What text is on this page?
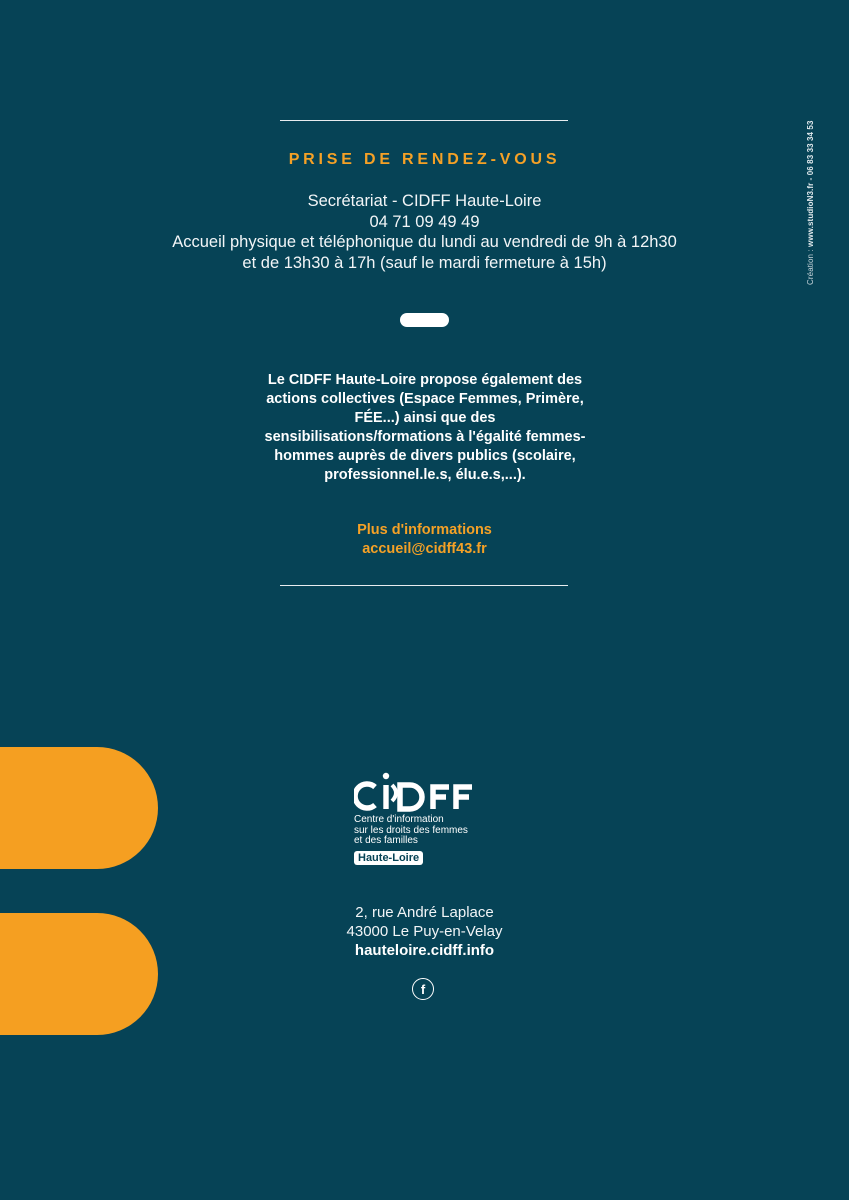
Création : www.studioN3.fr - 06 83 33 34 53
PRISE DE RENDEZ-VOUS
Secrétariat - CIDFF Haute-Loire
04 71 09 49 49
Accueil physique et téléphonique du lundi au vendredi de 9h à 12h30
et de 13h30 à 17h (sauf le mardi fermeture à 15h)
Le CIDFF Haute-Loire propose également des actions collectives (Espace Femmes, Primère, FÉE...) ainsi que des sensibilisations/formations à l'égalité femmes-hommes auprès de divers publics (scolaire, professionnel.le.s, élu.e.s,...).
Plus d'informations
accueil@cidff43.fr
Centre d'information
sur les droits des femmes
et des familles
Haute-Loire
2, rue André Laplace
43000 Le Puy-en-Velay
hauteloire.cidff.info
f
